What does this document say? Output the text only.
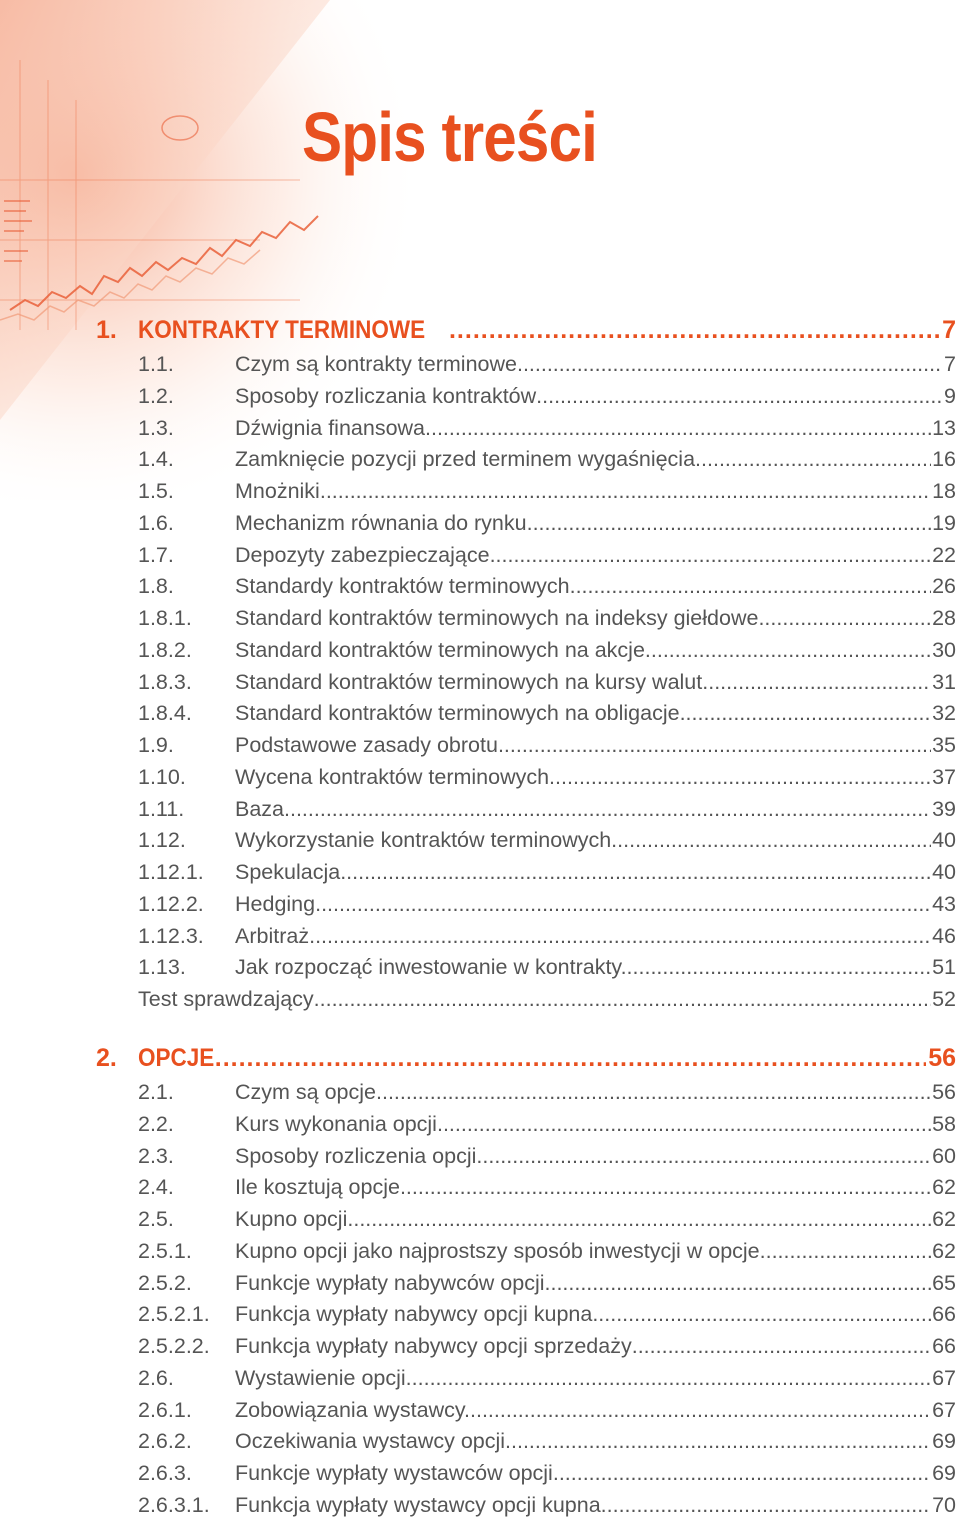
Spis treści
1. KONTRAKTY TERMINOWE .....	7
1.1.	Czym są kontrakty terminowe .....	7
1.2.	Sposoby rozliczania kontraktów .....	9
1.3.	Dźwignia finansowa .....	13
1.4.	Zamknięcie pozycji przed terminem wygaśnięcia .....	16
1.5.	Mnożniki .....	18
1.6.	Mechanizm równania do rynku. .....	19
1.7.	Depozyty zabezpieczające .....	22
1.8.	Standardy kontraktów terminowych .....	26
1.8.1.	Standard kontraktów terminowych na indeksy giełdowe .....	28
1.8.2.	Standard kontraktów terminowych na akcje. .....	30
1.8.3.	Standard kontraktów terminowych na kursy walut .....	31
1.8.4.	Standard kontraktów terminowych na obligacje. .....	32
1.9.	Podstawowe zasady obrotu .....	35
1.10.	Wycena kontraktów terminowych. .....	37
1.11.	Baza .....	39
1.12.	Wykorzystanie kontraktów terminowych. .....	40
1.12.1.	Spekulacja .....	40
1.12.2.	Hedging .....	43
1.12.3.	Arbitraż. .....	46
1.13.	Jak rozpocząć inwestowanie w kontrakty. .....	51
Test sprawdzający .....	52
2. OPCJE .....	56
2.1.	Czym są opcje. .....	56
2.2.	Kurs wykonania opcji .....	58
2.3.	Sposoby rozliczenia opcji. .....	60
2.4.	Ile kosztują opcje .....	62
2.5.	Kupno opcji .....	62
2.5.1.	Kupno opcji jako najprostszy sposób inwestycji w opcje. .....	62
2.5.2.	Funkcje wypłaty nabywców opcji. .....	65
2.5.2.1.	Funkcja wypłaty nabywcy opcji kupna .....	66
2.5.2.2.	Funkcja wypłaty nabywcy opcji sprzedaży .....	66
2.6.	Wystawienie opcji. .....	67
2.6.1.	Zobowiązania wystawcy. .....	67
2.6.2.	Oczekiwania wystawcy opcji .....	69
2.6.3.	Funkcje wypłaty wystawców opcji .....	69
2.6.3.1.	Funkcja wypłaty wystawcy opcji kupna .....	70
